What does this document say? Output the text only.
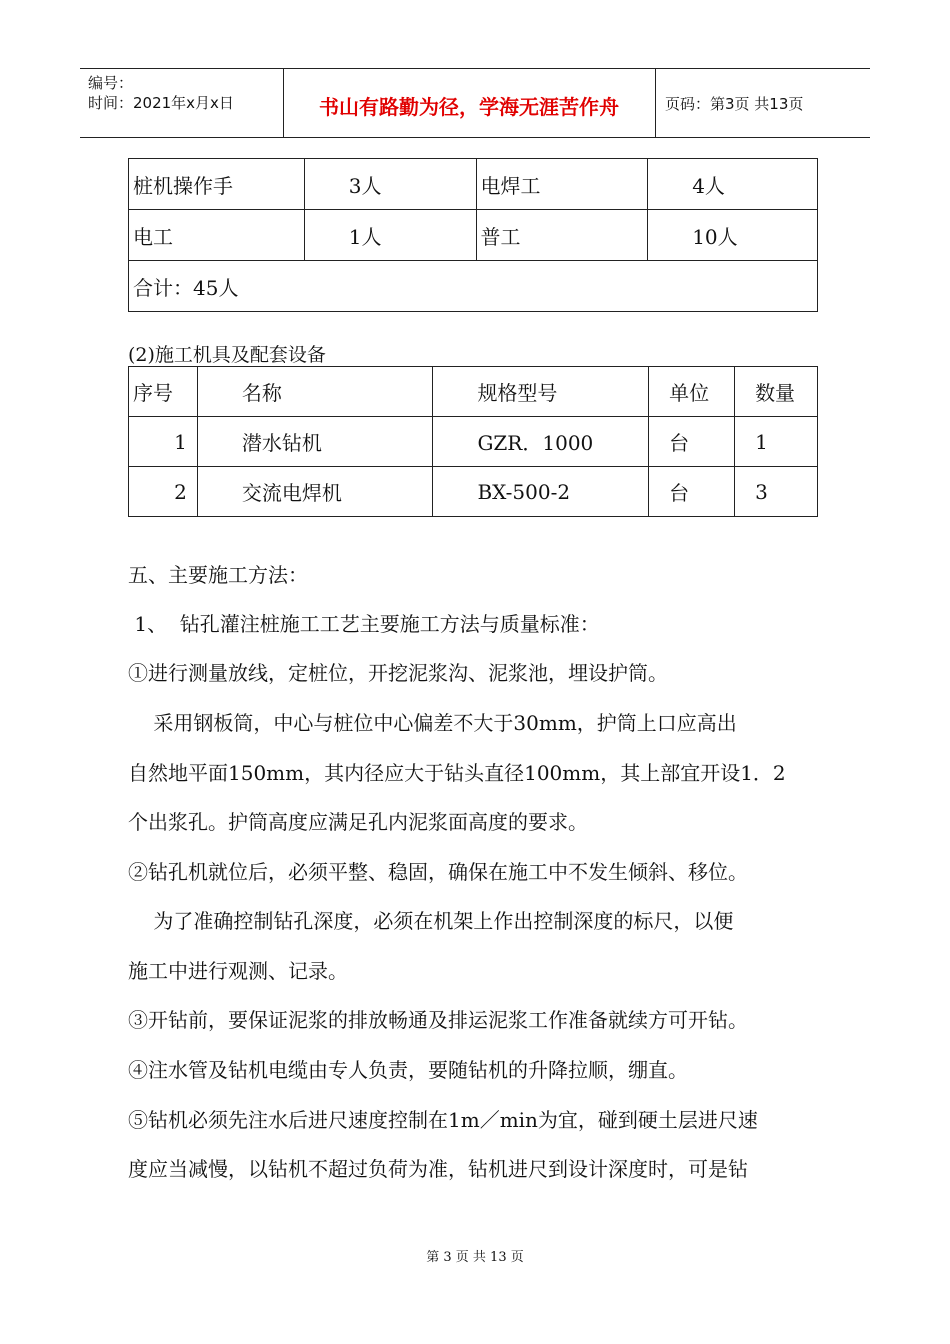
编号：
时间：2021年x月x日	书山有路勤为径，学海无涯苦作舟	页码：第3页 共13页
桩机操作手	3人	电焊工	4人
电工	1人	普工	10人
合计：45人			
(2)施工机具及配套设备
序号	名称	规格型号	单位	数量
1	潜水钻机	GZR．1000	台	1
2	交流电焊机	BX-500-2	台	3
五、主要施工方法：
1、  钻孔灌注桩施工工艺主要施工方法与质量标准：
①进行测量放线，定桩位，开挖泥浆沟、泥浆池，埋设护筒。
采用钢板筒，中心与桩位中心偏差不大于30mm，护筒上口应高出
自然地平面150mm，其内径应大于钻头直径100mm，其上部宜开设1．2
个出浆孔。护筒高度应满足孔内泥浆面高度的要求。
②钻孔机就位后，必须平整、稳固，确保在施工中不发生倾斜、移位。
为了准确控制钻孔深度，必须在机架上作出控制深度的标尺，以便
施工中进行观测、记录。
③开钻前，要保证泥浆的排放畅通及排运泥浆工作准备就续方可开钻。
④注水管及钻机电缆由专人负责，要随钻机的升降拉顺，绷直。
⑤钻机必须先注水后进尺速度控制在1m／min为宜，碰到硬土层进尺速
度应当减慢，以钻机不超过负荷为准，钻机进尺到设计深度时，可是钻
第 3 页 共 13 页
